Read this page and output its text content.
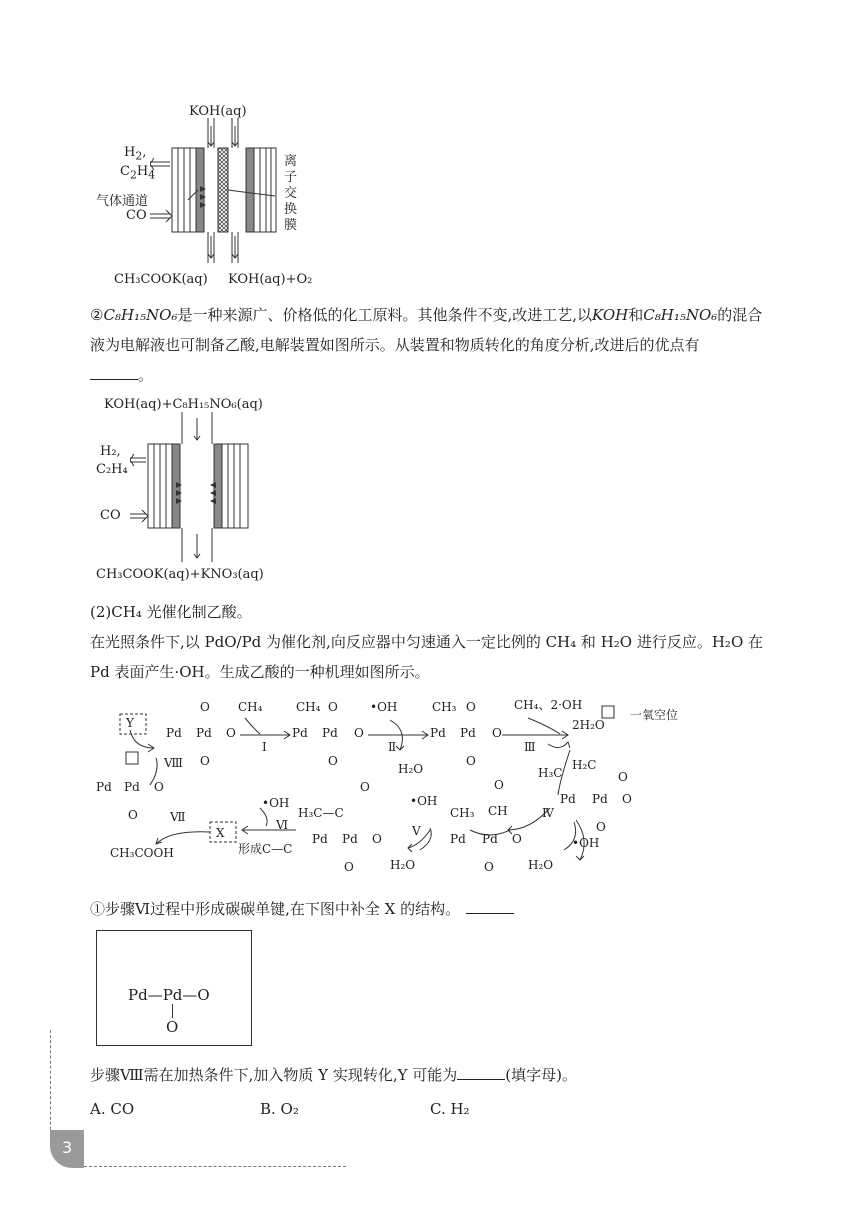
KOH(aq)
$H_2$,
$C_2H_4$
气体通道
CO
离
子
交
换
膜
CH₃COOK(aq) KOH(aq)+O₂
②C₈H₁₅NO₆是一种来源广、价格低的化工原料。其他条件不变,改进工艺,以KOH和C₈H₁₅NO₆的混合
液为电解液也可制备乙酸,电解装置如图所示。从装置和物质转化的角度分析,改进后的优点有
。
KOH(aq)+C₈H₁₅NO₆(aq)
H₂,
C₂H₄
CO
CH₃COOK(aq)+KNO₃(aq)
(2)CH₄ 光催化制乙酸。
在光照条件下,以 PdO/Pd 为催化剂,向反应器中匀速通入一定比例的 CH₄ 和 H₂O 进行反应。H₂O 在
Pd 表面产生·OH。生成乙酸的一种机理如图所示。
Y
一氧空位
2H₂O
CH₄、2·OH
O
Pd Pd O
O
CH₄
Ⅰ
CH₄ O
Pd Pd O
O
•OH
Ⅱ
H₂O
CH₃ O
Pd Pd O
O
Ⅲ
H₃C
H₂C
O
Pd Pd O
O
Ⅳ
•OH
H₂O
O
CH
CH₃
Pd Pd O
O
•OH
Ⅴ
H₂O
O
H₃C—C
Pd Pd O
O
•OH
Ⅵ
形成C—C
X
Ⅶ
CH₃COOH
Pd Pd O
O
Ⅷ
①步骤Ⅵ过程中形成碳碳单键,在下图中补全 X 的结构。
Pd—Pd—O
O
步骤Ⅷ需在加热条件下,加入物质 Y 实现转化,Y 可能为	(填字母)。
A. CO	B. O₂	C. H₂
3
